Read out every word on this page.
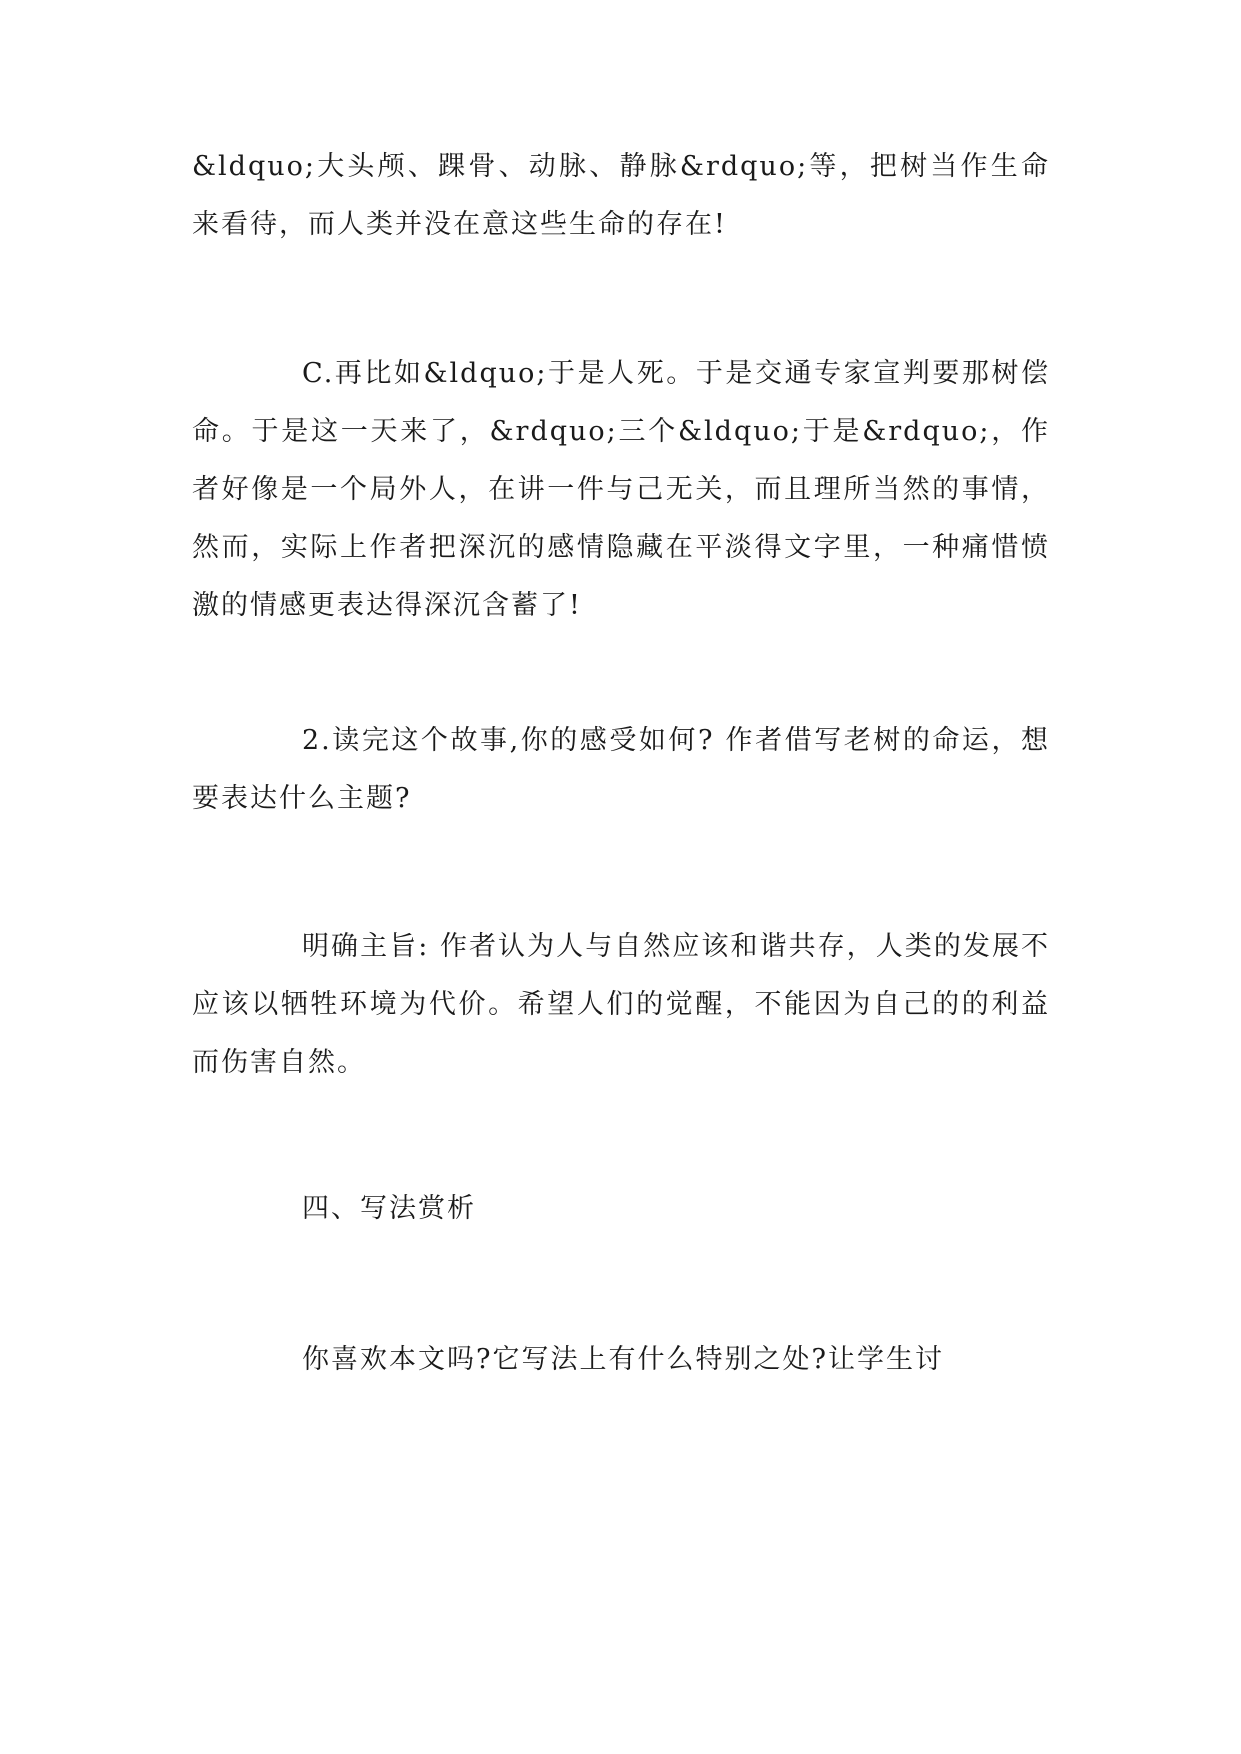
&ldquo;大头颅、踝骨、动脉、静脉&rdquo;等，把树当作生命来看待，而人类并没在意这些生命的存在!

C.再比如&ldquo;于是人死。于是交通专家宣判要那树偿命。于是这一天来了，&rdquo;三个&ldquo;于是&rdquo;，作者好像是一个局外人，在讲一件与己无关，而且理所当然的事情，然而，实际上作者把深沉的感情隐藏在平淡得文字里，一种痛惜愤激的情感更表达得深沉含蓄了!

2.读完这个故事,你的感受如何? 作者借写老树的命运，想要表达什么主题?

明确主旨: 作者认为人与自然应该和谐共存，人类的发展不应该以牺牲环境为代价。希望人们的觉醒，不能因为自己的的利益而伤害自然。

四、写法赏析

你喜欢本文吗?它写法上有什么特别之处?让学生讨
